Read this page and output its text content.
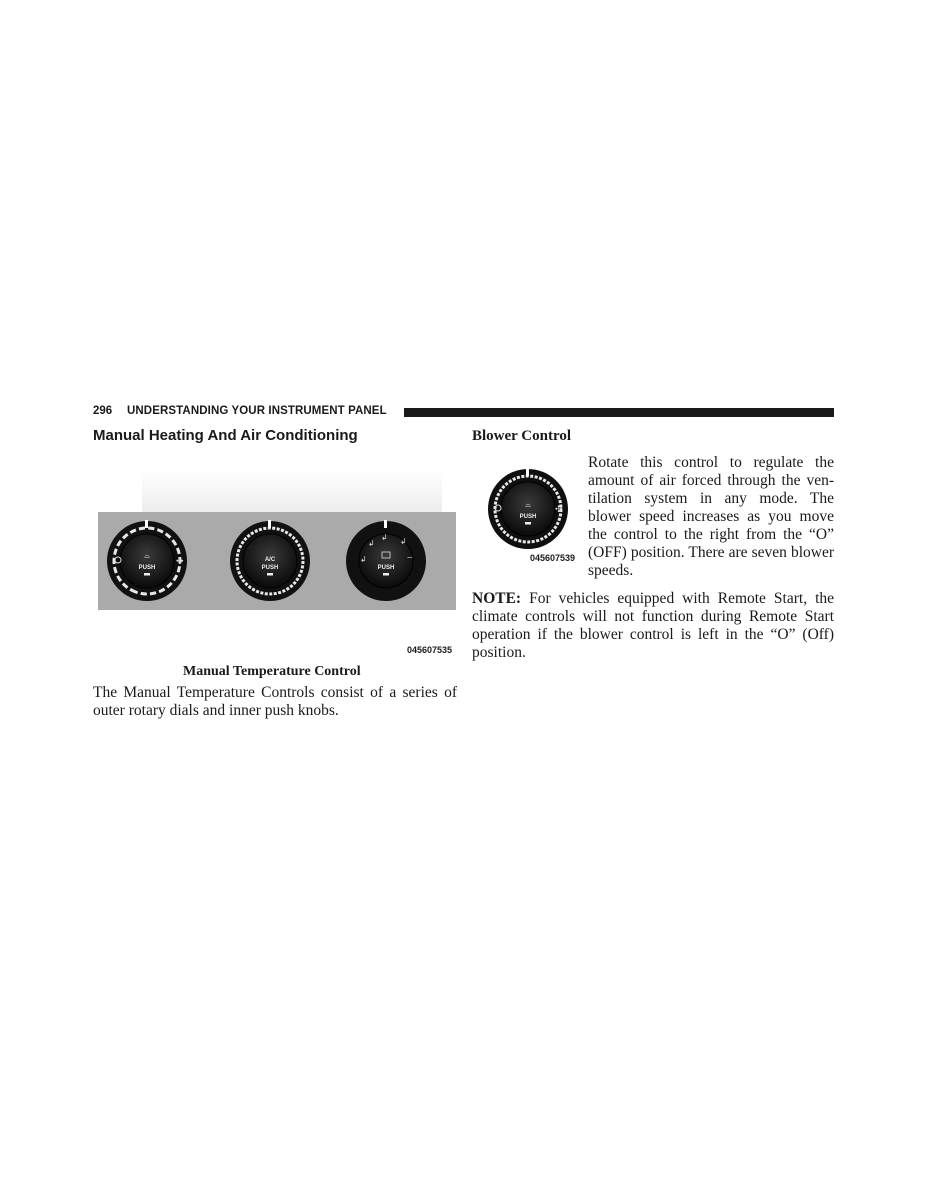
296 UNDERSTANDING YOUR INSTRUMENT PANEL
Manual Heating And Air Conditioning
✣
⌓
PUSH
A/C
PUSH
↲
↲
↲ ↲
⌔
PUSH
045607535
Manual Temperature Control
The Manual Temperature Controls consist of a series of
outer rotary dials and inner push knobs.
Blower Control
✣
⌓
PUSH
045607539
Rotate this control to regulate the
amount of air forced through the ven-
tilation system in any mode. The
blower speed increases as you move
the control to the right from the “O”
(OFF) position. There are seven blower
speeds.
NOTE: For vehicles equipped with Remote Start, the
climate controls will not function during Remote Start
operation if the blower control is left in the “O” (Off)
position.
